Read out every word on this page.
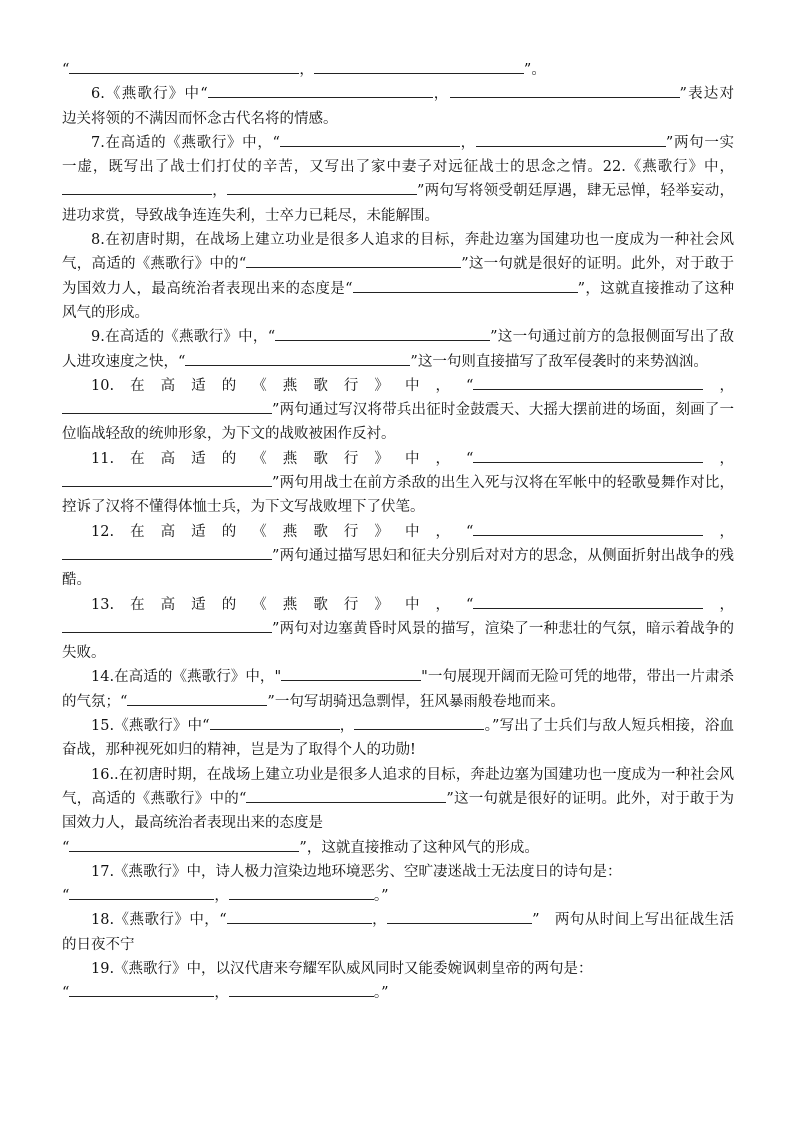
“	，	”。

6.《燕歌行》中“	，	”表达对边关将领的不满因而怀念古代名将的情感。

7.在高适的《燕歌行》中，“	，	”两句一实一虚，既写出了战士们打仗的辛苦，又写出了家中妻子对远征战士的思念之情。22.《燕歌行》中，，	”两句写将领受朝廷厚遇，肆无忌惮，轻举妄动，进功求赏，导致战争连连失利，士卒力已耗尽，未能解围。

8.在初唐时期，在战场上建立功业是很多人追求的目标，奔赴边塞为国建功也一度成为一种社会风气，高适的《燕歌行》中的“	”这一句就是很好的证明。此外，对于敢于为国效力人，最高统治者表现出来的态度是“	”，这就直接推动了这种风气的形成。

9.在高适的《燕歌行》中，“	”这一句通过前方的急报侧面写出了敌人进攻速度之快，“	”这一句则直接描写了敌军侵袭时的来势汹汹。

10.在高适的《燕歌行》中，“	，”两句通过写汉将带兵出征时金鼓震天、大摇大摆前进的场面，刻画了一位临战轻敌的统帅形象，为下文的战败被困作反衬。

11.在高适的《燕歌行》中，“	，”两句用战士在前方杀敌的出生入死与汉将在军帐中的轻歌曼舞作对比，控诉了汉将不懂得体恤士兵，为下文写战败埋下了伏笔。

12.在高适的《燕歌行》中，“	，”两句通过描写思妇和征夫分别后对对方的思念，从侧面折射出战争的残酷。

13.在高适的《燕歌行》中，“	，”两句对边塞黄昏时风景的描写，渲染了一种悲壮的气氛，暗示着战争的失败。

14.在高适的《燕歌行》中，"	"一句展现开阔而无险可凭的地带，带出一片肃杀的气氛；“	”一句写胡骑迅急剽悍，狂风暴雨般卷地而来。

15.《燕歌行》中“	，	。”写出了士兵们与敌人短兵相接，浴血奋战，那种视死如归的精神，岂是为了取得个人的功勋!

16..在初唐时期，在战场上建立功业是很多人追求的目标，奔赴边塞为国建功也一度成为一种社会风气，高适的《燕歌行》中的“	”这一句就是很好的证明。此外，对于敢于为国效力人，最高统治者表现出来的态度是
“	”，这就直接推动了这种风气的形成。

17.《燕歌行》中，诗人极力渲染边地环境恶劣、空旷凄迷战士无法度日的诗句是：
“	，	。”

18.《燕歌行》中，“	，	”　两句从时间上写出征战生活的日夜不宁

19.《燕歌行》中，以汉代唐来夸耀军队威风同时又能委婉讽刺皇帝的两句是：
“	，	。”
